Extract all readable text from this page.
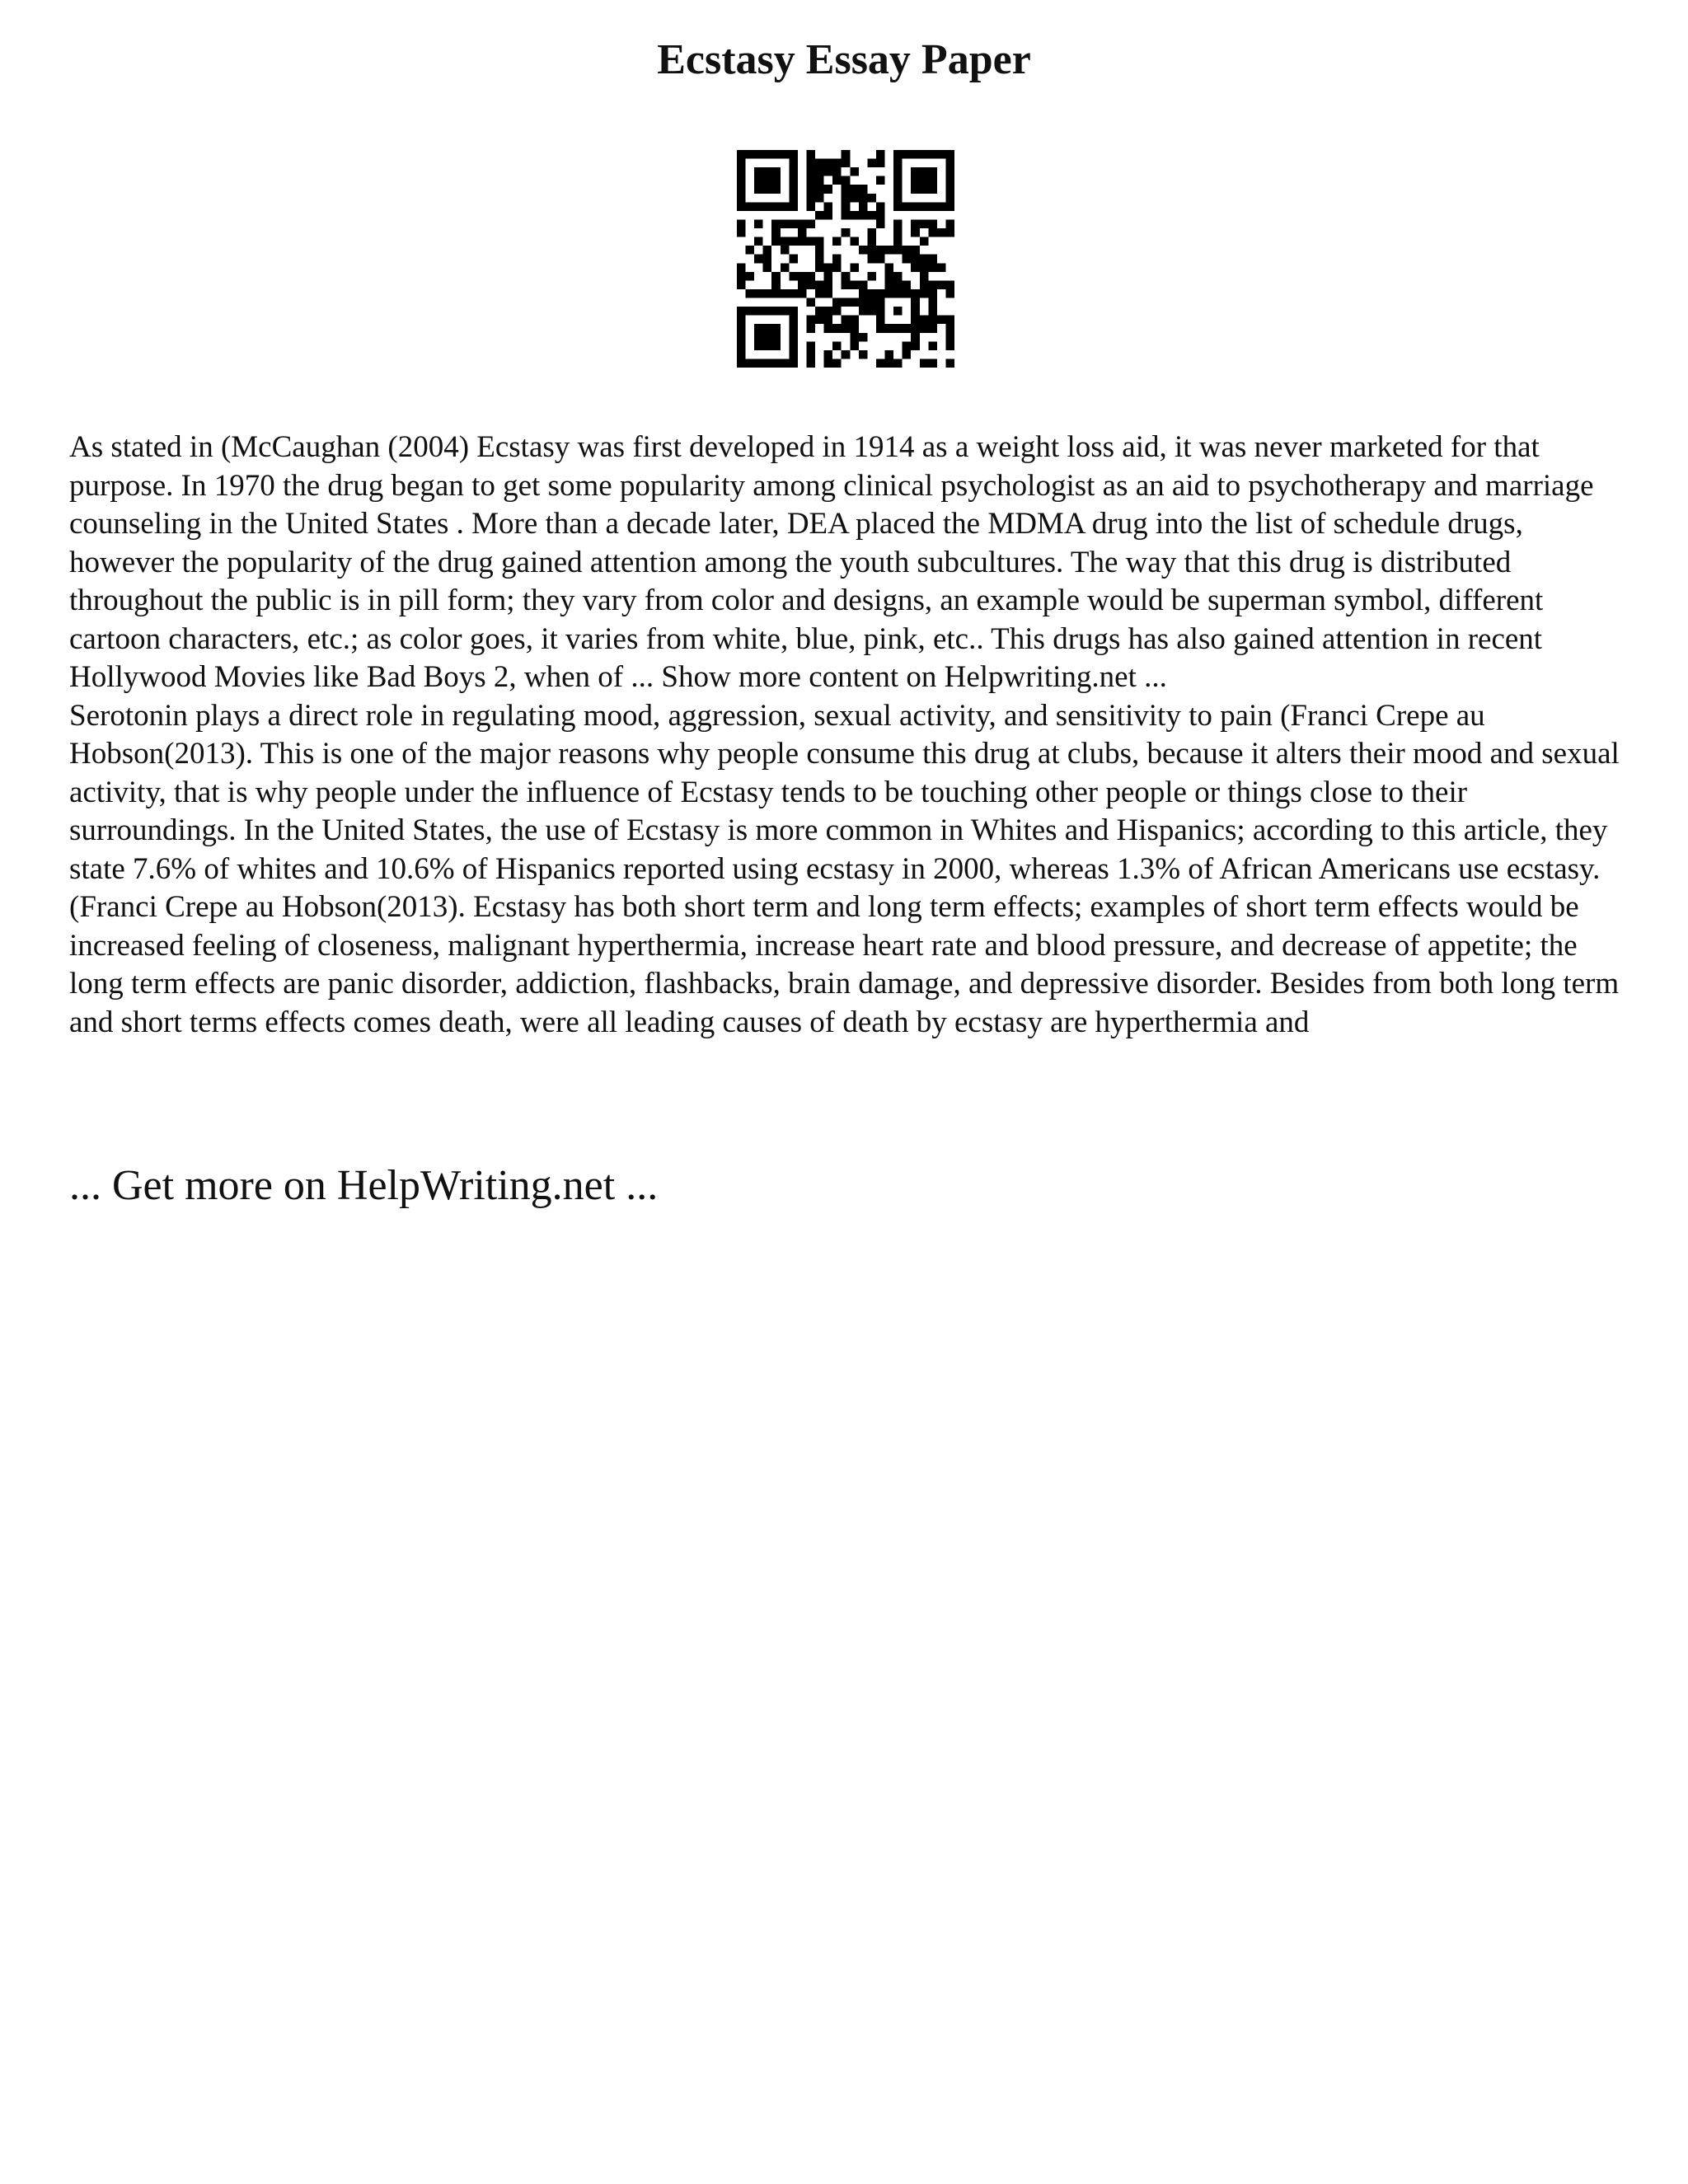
Ecstasy Essay Paper

As stated in (McCaughan (2004) Ecstasy was first developed in 1914 as a weight loss aid, it was never marketed for that purpose. In 1970 the drug began to get some popularity among clinical psychologist as an aid to psychotherapy and marriage counseling in the United States . More than a decade later, DEA placed the MDMA drug into the list of schedule drugs, however the popularity of the drug gained attention among the youth subcultures. The way that this drug is distributed throughout the public is in pill form; they vary from color and designs, an example would be superman symbol, different cartoon characters, etc.; as color goes, it varies from white, blue, pink, etc.. This drugs has also gained attention in recent Hollywood Movies like Bad Boys 2, when of ... Show more content on Helpwriting.net ...

Serotonin plays a direct role in regulating mood, aggression, sexual activity, and sensitivity to pain (Franci Crepe au Hobson(2013). This is one of the major reasons why people consume this drug at clubs, because it alters their mood and sexual activity, that is why people under the influence of Ecstasy tends to be touching other people or things close to their surroundings. In the United States, the use of Ecstasy is more common in Whites and Hispanics; according to this article, they state 7.6% of whites and 10.6% of Hispanics reported using ecstasy in 2000, whereas 1.3% of African Americans use ecstasy. (Franci Crepe au Hobson(2013). Ecstasy has both short term and long term effects; examples of short term effects would be increased feeling of closeness, malignant hyperthermia, increase heart rate and blood pressure, and decrease of appetite; the long term effects are panic disorder, addiction, flashbacks, brain damage, and depressive disorder. Besides from both long term and short terms effects comes death, were all leading causes of death by ecstasy are hyperthermia and

... Get more on HelpWriting.net ...
